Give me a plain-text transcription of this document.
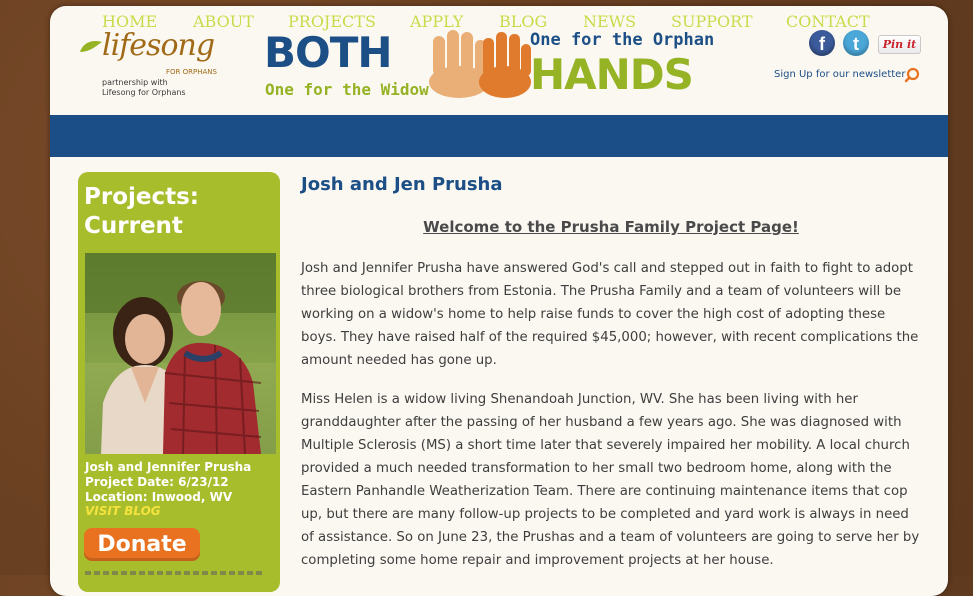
lifesong
FOR ORPHANS
partnership with
Lifesong for Orphans
BOTH
One for the Widow
One for the Orphan
HANDS
f	t	Pin it
Sign Up for our newsletter
HOME ABOUT PROJECTS APPLY BLOG NEWS SUPPORT CONTACT
Projects:
Current
Josh and Jennifer Prusha
Project Date: 6/23/12
Location: Inwood, WV
VISIT BLOG
Donate
Josh and Jen Prusha
Welcome to the Prusha Family Project Page!
Josh and Jennifer Prusha have answered God's call and stepped out in faith to fight to adopt three biological brothers from Estonia. The Prusha Family and a team of volunteers will be working on a widow's home to help raise funds to cover the high cost of adopting these boys. They have raised half of the required $45,000; however, with recent complications the amount needed has gone up.
Miss Helen is a widow living Shenandoah Junction, WV. She has been living with her granddaughter after the passing of her husband a few years ago. She was diagnosed with Multiple Sclerosis (MS) a short time later that severely impaired her mobility. A local church provided a much needed transformation to her small two bedroom home, along with the Eastern Panhandle Weatherization Team. There are continuing maintenance items that cop up, but there are many follow-up projects to be completed and yard work is always in need of assistance. So on June 23, the Prushas and a team of volunteers are going to serve her by completing some home repair and improvement projects at her house.
